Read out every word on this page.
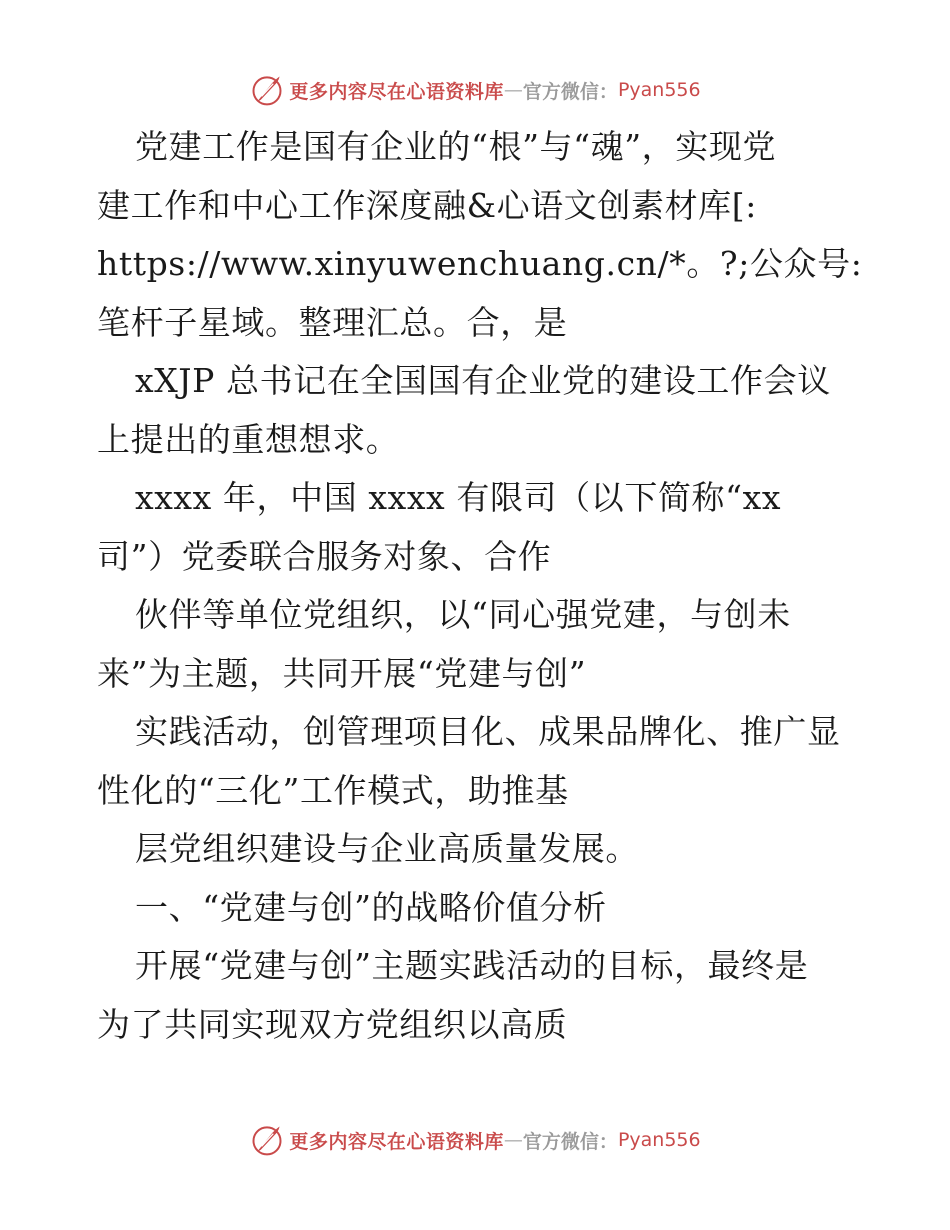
更多内容尽在心语资料库 — 官方微信： Pyan556
党建工作是国有企业的“根”与“魂”，实现党
建工作和中心工作深度融&心语文创素材库[:
https://www.xinyuwenchuang.cn/*。?;公众号:
笔杆子星域。整理汇总。合，是
xXJP 总书记在全国国有企业党的建设工作会议
上提出的重想想求。
xxxx 年，中国 xxxx 有限司（以下简称“xx
司”）党委联合服务对象、合作
伙伴等单位党组织，以“同心强党建，与创未
来”为主题，共同开展“党建与创”
实践活动，创管理项目化、成果品牌化、推广显
性化的“三化”工作模式，助推基
层党组织建设与企业高质量发展。
一、“党建与创”的战略价值分析
开展“党建与创”主题实践活动的目标，最终是
为了共同实现双方党组织以高质
更多内容尽在心语资料库 — 官方微信： Pyan556
